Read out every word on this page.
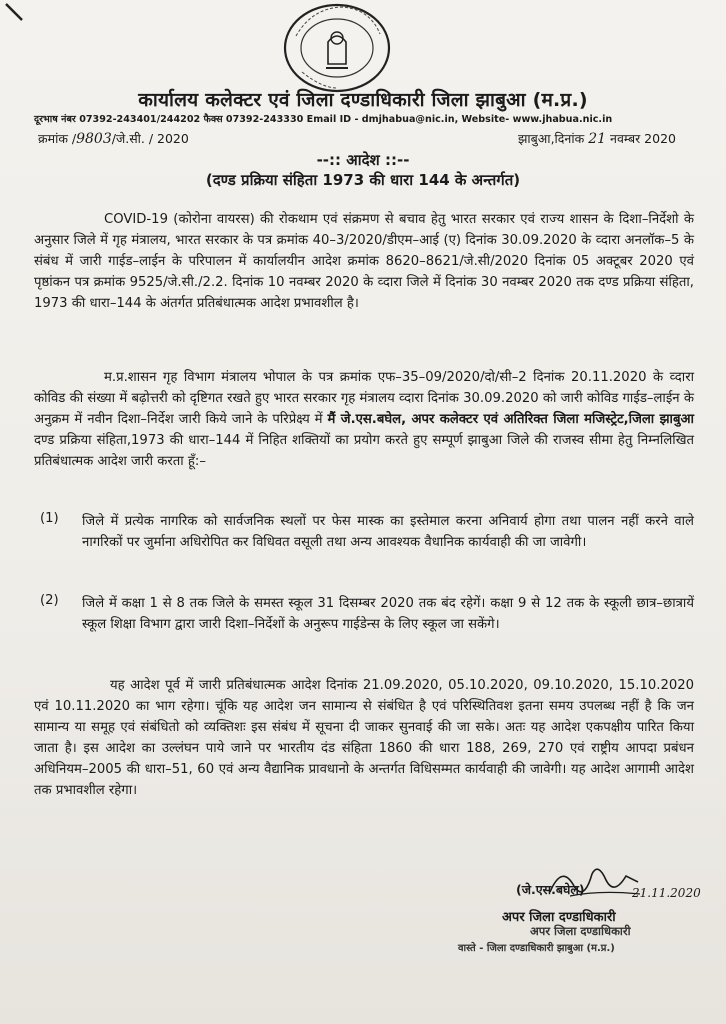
कार्यालय कलेक्टर एवं जिला दण्डाधिकारी जिला झाबुआ (म.प्र.)
दूरभाष नंबर 07392-243401/244202 फैक्स 07392-243330 Email ID - dmjhabua@nic.in, Website- www.jhabua.nic.in
क्रमांक /9803/जे.सी. / 2020	झाबुआ,दिनांक 21 नवम्बर 2020
--:: आदेश ::--
(दण्ड प्रक्रिया संहिता 1973 की धारा 144 के अन्तर्गत)
COVID-19 (कोरोना वायरस) की रोकथाम एवं संक्रमण से बचाव हेतु भारत सरकार एवं राज्य शासन के दिशा–निर्देशो के अनुसार जिले में गृह मंत्रालय, भारत सरकार के पत्र क्रमांक 40–3/2020/डीएम–आई (ए) दिनांक 30.09.2020 के व्दारा अनलॉक–5 के संबंध में जारी गाईड–लाईन के परिपालन में कार्यालयीन आदेश क्रमांक 8620–8621/जे.सी/2020 दिनांक 05 अक्टूबर 2020 एवं पृष्ठांकन पत्र क्रमांक 9525/जे.सी./2.2. दिनांक 10 नवम्बर 2020 के व्दारा जिले में दिनांक 30 नवम्बर 2020 तक दण्ड प्रक्रिया संहिता, 1973 की धारा–144 के अंतर्गत प्रतिबंधात्मक आदेश प्रभावशील है।
म.प्र.शासन गृह विभाग मंत्रालय भोपाल के पत्र क्रमांक एफ–35–09/2020/दो/सी–2 दिनांक 20.11.2020 के व्दारा कोविड की संख्या में बढ़ोत्तरी को दृष्टिगत रखते हुए भारत सरकार गृह मंत्रालय व्दारा दिनांक 30.09.2020 को जारी कोविड गाईड–लाईन के अनुक्रम में नवीन दिशा–निर्देश जारी किये जाने के परिप्रेक्ष्य में मैं जे.एस.बघेल, अपर कलेक्टर एवं अतिरिक्त जिला मजिस्ट्रेट,जिला झाबुआ दण्ड प्रक्रिया संहिता,1973 की धारा–144 में निहित शक्तियों का प्रयोग करते हुए सम्पूर्ण झाबुआ जिले की राजस्व सीमा हेतु निम्नलिखित प्रतिबंधात्मक आदेश जारी करता हूँ:–
(1) जिले में प्रत्येक नागरिक को सार्वजनिक स्थलों पर फेस मास्क का इस्तेमाल करना अनिवार्य होगा तथा पालन नहीं करने वाले नागरिकों पर जुर्माना अधिरोपित कर विधिवत वसूली तथा अन्य आवश्यक वैधानिक कार्यवाही की जा जावेगी।
(2) जिले में कक्षा 1 से 8 तक जिले के समस्त स्कूल 31 दिसम्बर 2020 तक बंद रहेगें। कक्षा 9 से 12 तक के स्कूली छात्र–छात्रायें स्कूल शिक्षा विभाग द्वारा जारी दिशा–निर्देशों के अनुरूप गाईडेन्स के लिए स्कूल जा सकेंगे।
यह आदेश पूर्व में जारी प्रतिबंधात्मक आदेश दिनांक 21.09.2020, 05.10.2020, 09.10.2020, 15.10.2020 एवं 10.11.2020 का भाग रहेगा। चूंकि यह आदेश जन सामान्य से संबंधित है एवं परिस्थितिवश इतना समय उपलब्ध नहीं है कि जन सामान्य या समूह एवं संबंधितो को व्यक्तिशः इस संबंध में सूचना दी जाकर सुनवाई की जा सके। अतः यह आदेश एकपक्षीय पारित किया जाता है। इस आदेश का उल्लंघन पाये जाने पर भारतीय दंड संहिता 1860 की धारा 188, 269, 270 एवं राष्ट्रीय आपदा प्रबंधन अधिनियम–2005 की धारा–51, 60 एवं अन्य वैद्यानिक प्रावधानो के अन्तर्गत विधिसम्मत कार्यवाही की जावेगी। यह आदेश आगामी आदेश तक प्रभावशील रहेगा।
(जे.एस.बघेल)	21.11.2020
अपर जिला दण्डाधिकारी
अपर जिला दण्डाधिकारी
वास्ते - जिला दण्डाधिकारी झाबुआ (म.प्र.)
